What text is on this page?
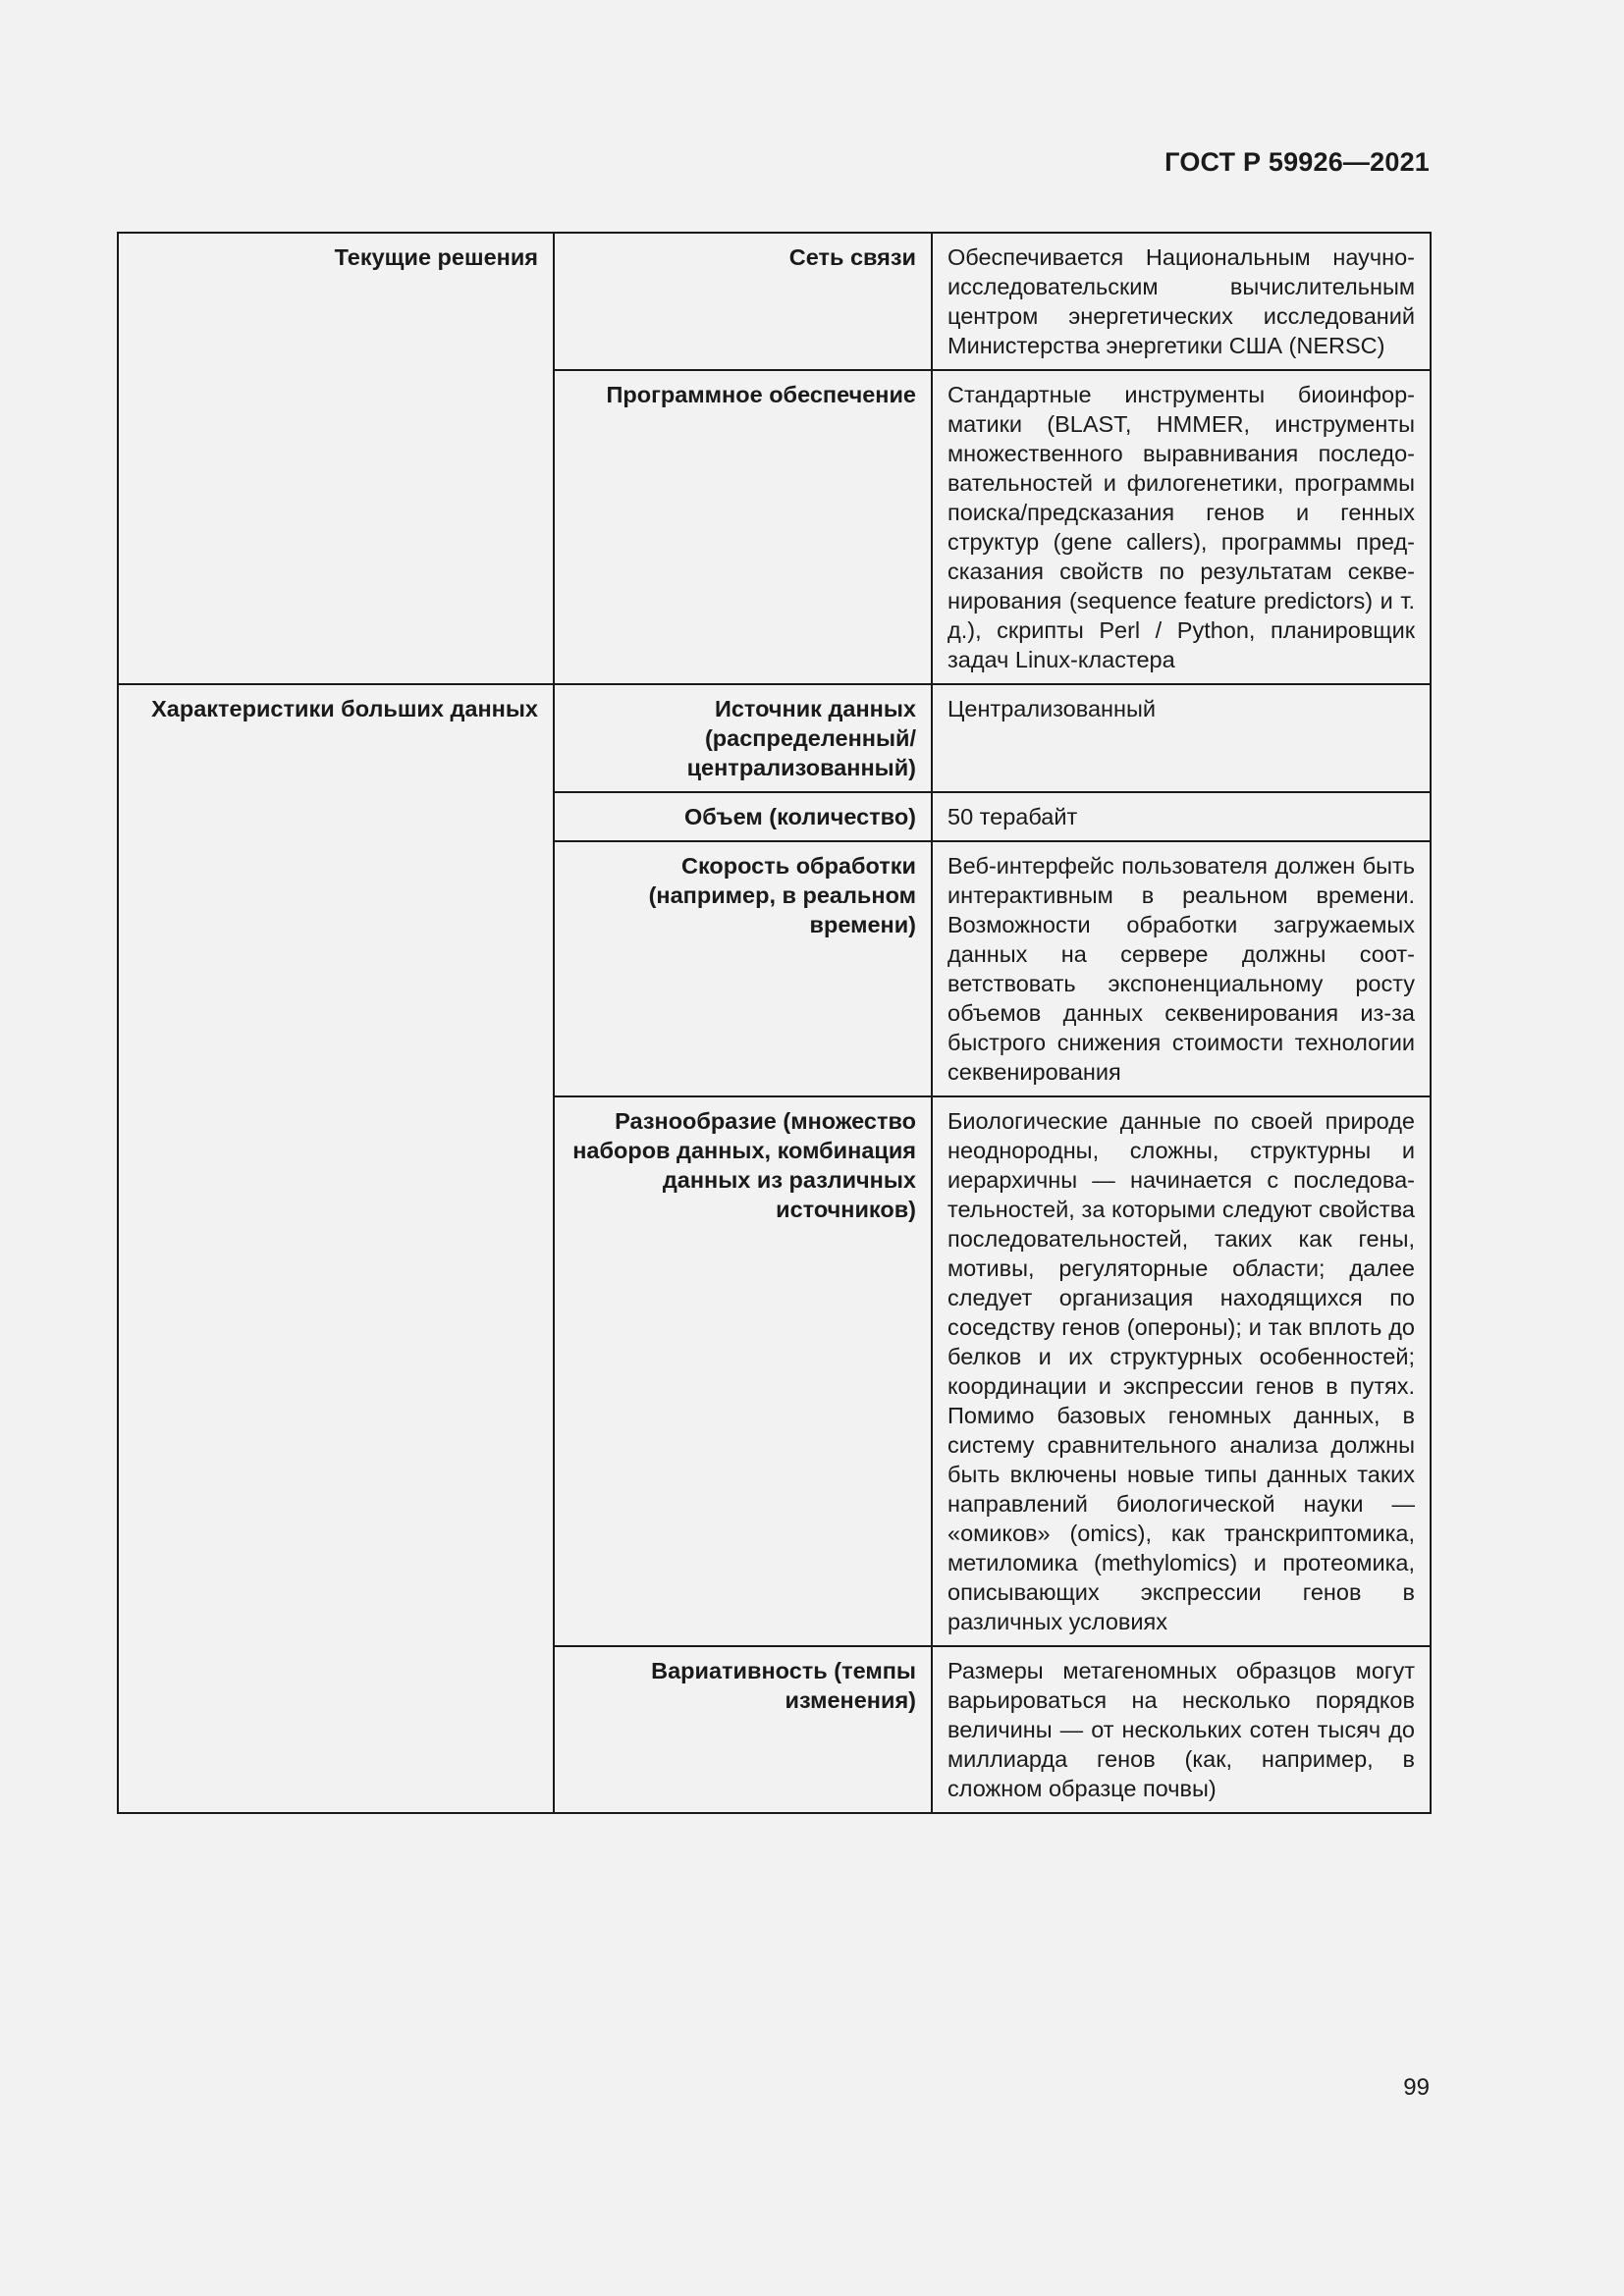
ГОСТ Р 59926—2021
Текущие решения	Сеть связи	Обеспечивается Национальным научно-исследовательским вычислительным центром энергетических исследований Министерства энергетики США (NERSC)
	Программное обеспечение	Стандартные инструменты биоинформатики (BLAST, HMMER, инструменты множественного выравнивания последовательностей и филогенетики, программы поиска/предсказания генов и генных структур (gene callers), программы предсказания свойств по результатам секвенирования (sequence feature predictors) и т. д.), скрипты Perl / Python, планировщик задач Linux-кластера
Характеристики больших данных	Источник данных (распределенный/ централизованный)	Централизованный
	Объем (количество)	50 терабайт
	Скорость обработки (например, в реальном времени)	Веб-интерфейс пользователя должен быть интерактивным в реальном времени. Возможности обработки загружаемых данных на сервере должны соответствовать экспоненциальному росту объемов данных секвенирования из-за быстрого снижения стоимости технологии секвенирования
	Разнообразие (множество наборов данных, комбинация данных из различных источников)	Биологические данные по своей природе неоднородны, сложны, структурны и иерархичны — начинается с последовательностей, за которыми следуют свойства последовательностей, таких как гены, мотивы, регуляторные области; далее следует организация находящихся по соседству генов (опероны); и так вплоть до белков и их структурных особенностей; координации и экспрессии генов в путях. Помимо базовых геномных данных, в систему сравнительного анализа должны быть включены новые типы данных таких направлений биологической науки — «омиков» (omics), как транскриптомика, метиломика (methylomics) и протеомика, описывающих экспрессии генов в различных условиях
	Вариативность (темпы изменения)	Размеры метагеномных образцов могут варьироваться на несколько порядков величины — от нескольких сотен тысяч до миллиарда генов (как, например, в сложном образце почвы)
99
